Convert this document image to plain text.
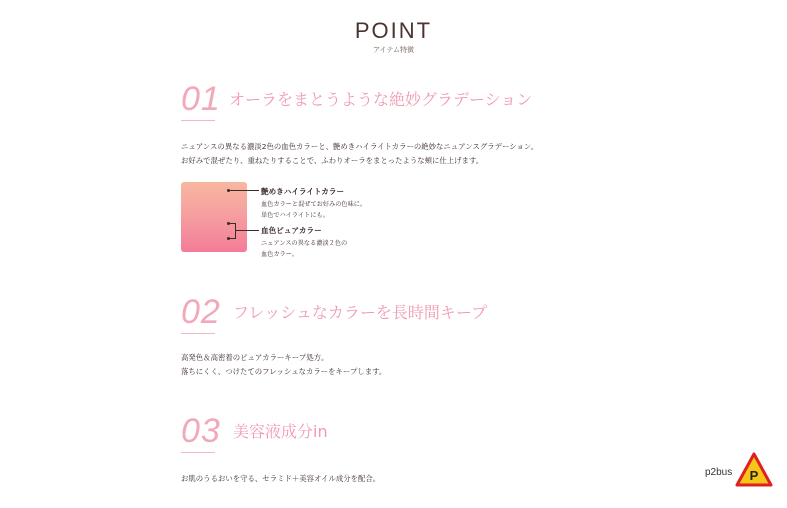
POINT
アイテム特徴
01 オーラをまとうような絶妙グラデーション
ニュアンスの異なる濃淡2色の血色カラーと、艶めきハイライトカラーの絶妙なニュアンスグラデーション。
お好みで混ぜたり、重ねたりすることで、ふわりオーラをまとったような頬に仕上げます。
艶めきハイライトカラー
血色カラーと混ぜてお好みの色味に。
単色でハイライトにも。
血色ピュアカラー
ニュアンスの異なる濃淡２色の
血色カラー。
02 フレッシュなカラーを長時間キープ
高発色＆高密着のピュアカラーキープ処方。
落ちにくく、つけたてのフレッシュなカラーをキープします。
03 美容液成分in
お肌のうるおいを守る、セラミド＋美容オイル成分を配合。
p2bus P
